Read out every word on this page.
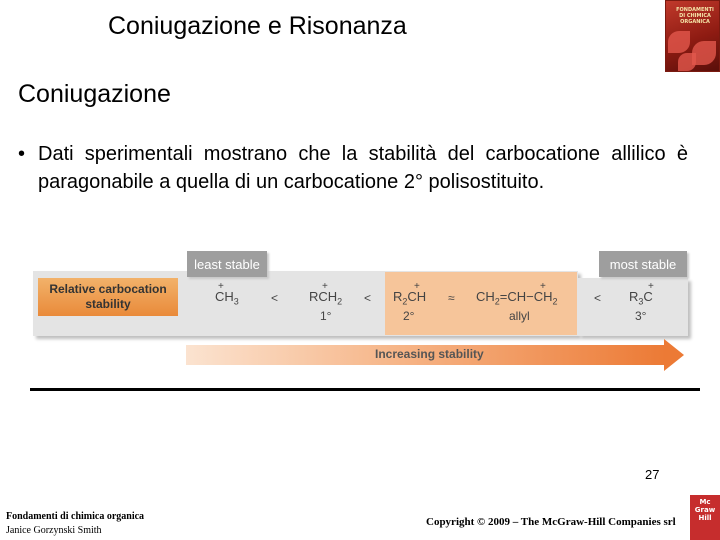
Coniugazione e Risonanza
FONDAMENTI
DI CHIMICA
ORGANICA
Coniugazione
• Dati sperimentali mostrano che la stabilità del carbocatione allilico è paragonabile a quella di un carbocatione 2° polisostituito.
Relative carbocation
stability
least stable	most stable
+
$CH_3$	<
+
$RCH_2$
1°
<
+
$R_2CH$
2°
≈
+
$CH_2=CH-CH_2$
allyl
<
+
$R_3C$
3°
Increasing stability
Fondamenti di chimica organica
Janice Gorzynski Smith
27
Copyright © 2009 – The McGraw-Hill Companies srl
Mc
Graw
Hill
